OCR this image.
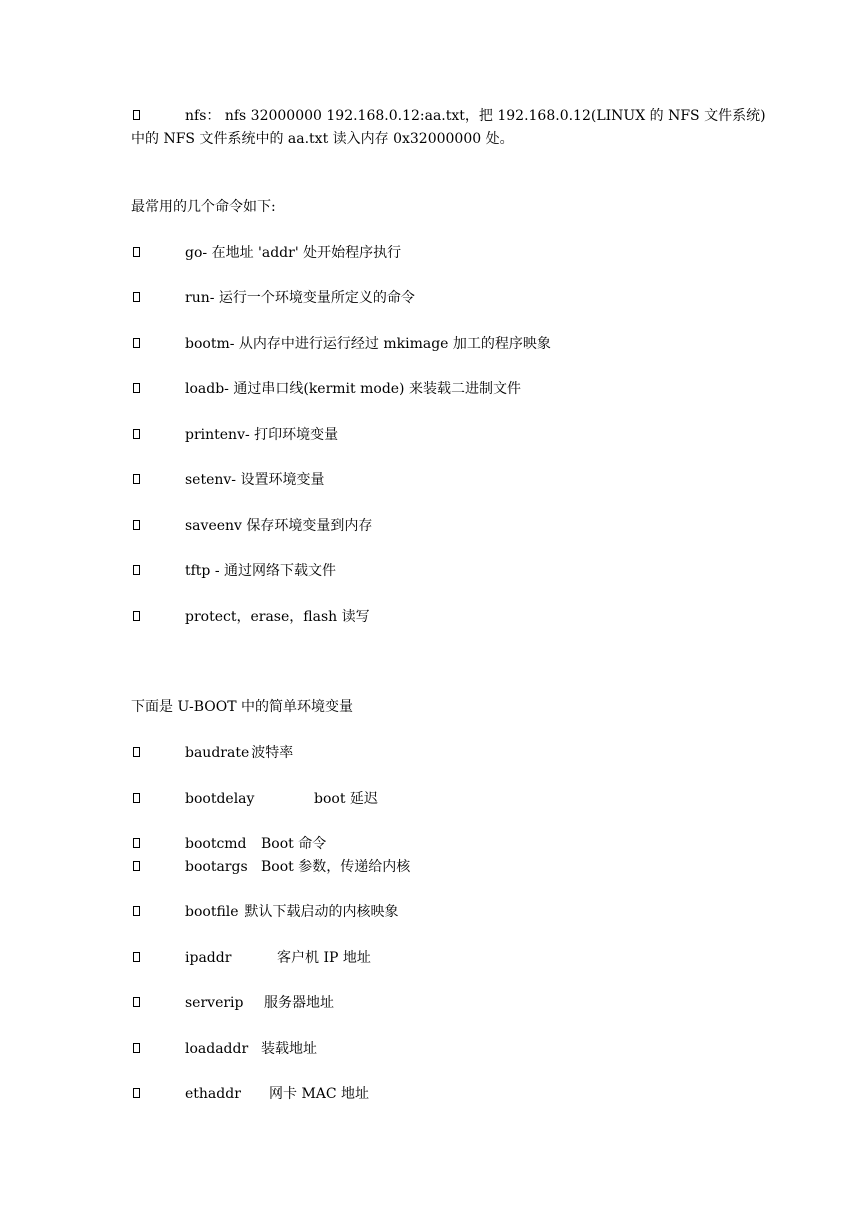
nfs： nfs 32000000 192.168.0.12:aa.txt，把 192.168.0.12(LINUX 的 NFS 文件系统)
中的 NFS 文件系统中的 aa.txt 读入内存 0x32000000 处。
最常用的几个命令如下:
go- 在地址 'addr' 处开始程序执行
run- 运行一个环境变量所定义的命令
bootm- 从内存中进行运行经过 mkimage 加工的程序映象
loadb- 通过串口线(kermit mode) 来装载二进制文件
printenv- 打印环境变量
setenv- 设置环境变量
saveenv 保存环境变量到内存
tftp - 通过网络下载文件
protect，erase，flash 读写
下面是 U-BOOT 中的简单环境变量
baudrate 波特率
bootdelay	boot 延迟
bootcmd Boot 命令
bootargs Boot 参数，传递给内核
bootfile 默认下载启动的内核映象
ipaddr	客户机 IP 地址
serverip 服务器地址
loadaddr 装载地址
ethaddr 网卡 MAC 地址
